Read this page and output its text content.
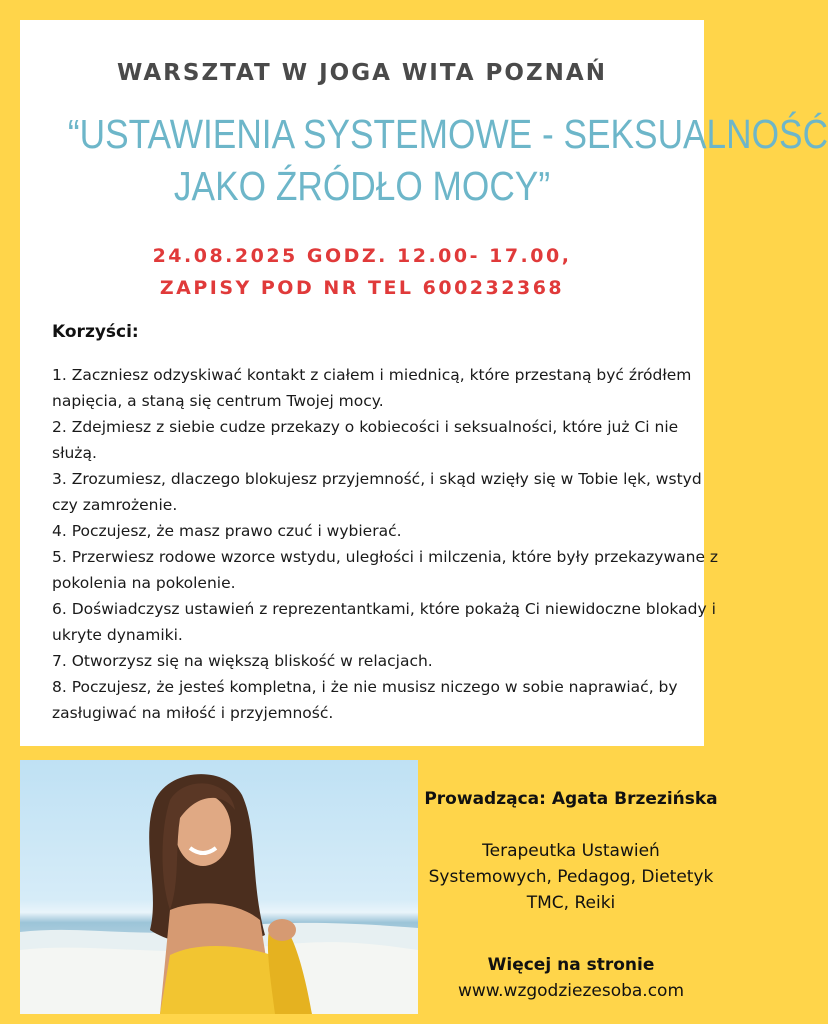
WARSZTAT W JOGA WITA POZNAŃ
“USTAWIENIA SYSTEMOWE - SEKSUALNOŚĆ
JAKO ŹRÓDŁO MOCY”
24.08.2025 GODZ. 12.00- 17.00,
ZAPISY POD NR TEL 600232368
Korzyści:
1. Zaczniesz odzyskiwać kontakt z ciałem i miednicą, które przestaną być źródłem napięcia, a staną się centrum Twojej mocy.
2. Zdejmiesz z siebie cudze przekazy o kobiecości i seksualności, które już Ci nie służą.
3. Zrozumiesz, dlaczego blokujesz przyjemność, i skąd wzięły się w Tobie lęk, wstyd czy zamrożenie.
4. Poczujesz, że masz prawo czuć i wybierać.
5. Przerwiesz rodowe wzorce wstydu, uległości i milczenia, które były przekazywane z pokolenia na pokolenie.
6. Doświadczysz ustawień z reprezentantkami, które pokażą Ci niewidoczne blokady i ukryte dynamiki.
7. Otworzysz się na większą bliskość w relacjach.
8. Poczujesz, że jesteś kompletna, i że nie musisz niczego w sobie naprawiać, by zasługiwać na miłość i przyjemność.
Prowadząca: Agata Brzezińska
Terapeutka Ustawień Systemowych, Pedagog, Dietetyk TMC, Reiki
Więcej na stronie
www.wzgodziezesoba.com
